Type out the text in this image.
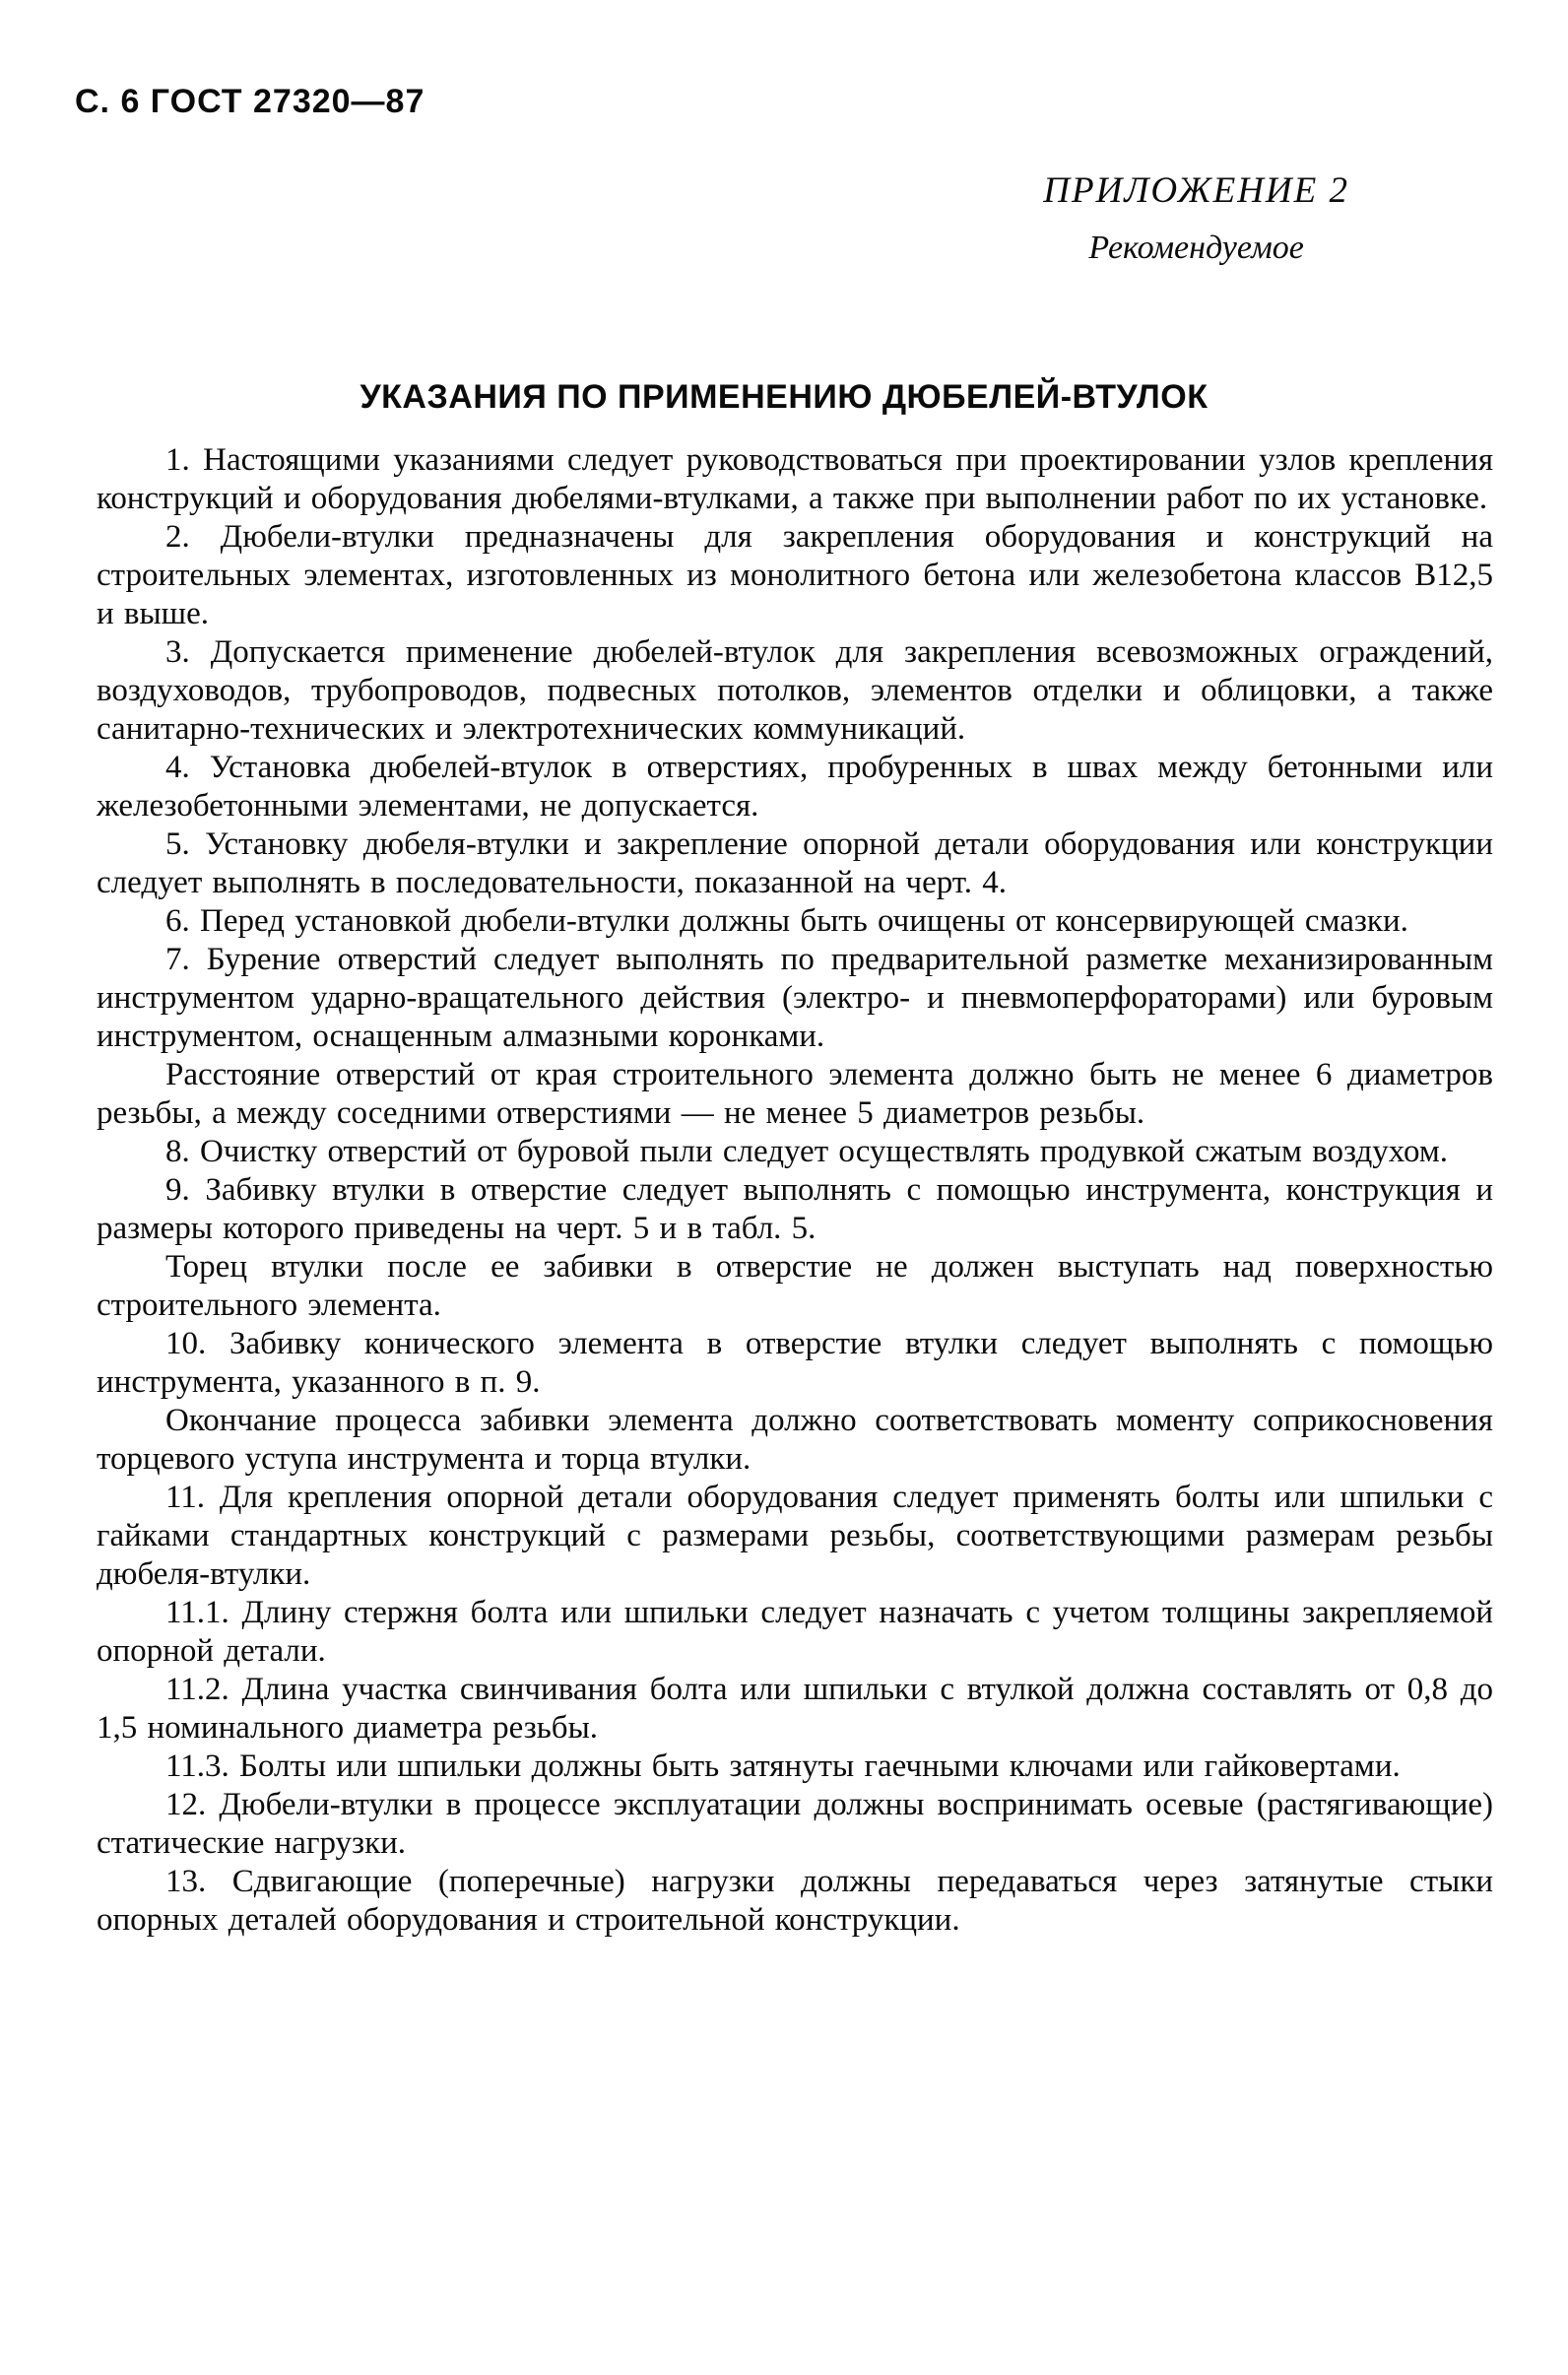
С. 6 ГОСТ 27320—87
ПРИЛОЖЕНИЕ 2
Рекомендуемое
УКАЗАНИЯ ПО ПРИМЕНЕНИЮ ДЮБЕЛЕЙ-ВТУЛОК

1. Настоящими указаниями следует руководствоваться при проектировании узлов крепления конструкций и оборудования дюбелями-втулками, а также при выполнении работ по их установке.

2. Дюбели-втулки предназначены для закрепления оборудования и конструкций на строительных элементах, изготовленных из монолитного бетона или железобетона классов В12,5 и выше.

3. Допускается применение дюбелей-втулок для закрепления всевозможных ограждений, воздуховодов, трубопроводов, подвесных потолков, элементов отделки и облицовки, а также санитарно-технических и электротехнических коммуникаций.

4. Установка дюбелей-втулок в отверстиях, пробуренных в швах между бетонными или железобетонными элементами, не допускается.

5. Установку дюбеля-втулки и закрепление опорной детали оборудования или конструкции следует выполнять в последовательности, показанной на черт. 4.

6. Перед установкой дюбели-втулки должны быть очищены от консервирующей смазки.

7. Бурение отверстий следует выполнять по предварительной разметке механизированным инструментом ударно-вращательного действия (электро- и пневмоперфораторами) или буровым инструментом, оснащенным алмазными коронками.

Расстояние отверстий от края строительного элемента должно быть не менее 6 диаметров резьбы, а между соседними отверстиями — не менее 5 диаметров резьбы.

8. Очистку отверстий от буровой пыли следует осуществлять продувкой сжатым воздухом.

9. Забивку втулки в отверстие следует выполнять с помощью инструмента, конструкция и размеры которого приведены на черт. 5 и в табл. 5.

Торец втулки после ее забивки в отверстие не должен выступать над поверхностью строительного элемента.

10. Забивку конического элемента в отверстие втулки следует выполнять с помощью инструмента, указанного в п. 9.

Окончание процесса забивки элемента должно соответствовать моменту соприкосновения торцевого уступа инструмента и торца втулки.

11. Для крепления опорной детали оборудования следует применять болты или шпильки с гайками стандартных конструкций с размерами резьбы, соответствующими размерам резьбы дюбеля-втулки.

11.1. Длину стержня болта или шпильки следует назначать с учетом толщины закрепляемой опорной детали.

11.2. Длина участка свинчивания болта или шпильки с втулкой должна составлять от 0,8 до 1,5 номинального диаметра резьбы.

11.3. Болты или шпильки должны быть затянуты гаечными ключами или гайковертами.

12. Дюбели-втулки в процессе эксплуатации должны воспринимать осевые (растягивающие) статические нагрузки.

13. Сдвигающие (поперечные) нагрузки должны передаваться через затянутые стыки опорных деталей оборудования и строительной конструкции.
